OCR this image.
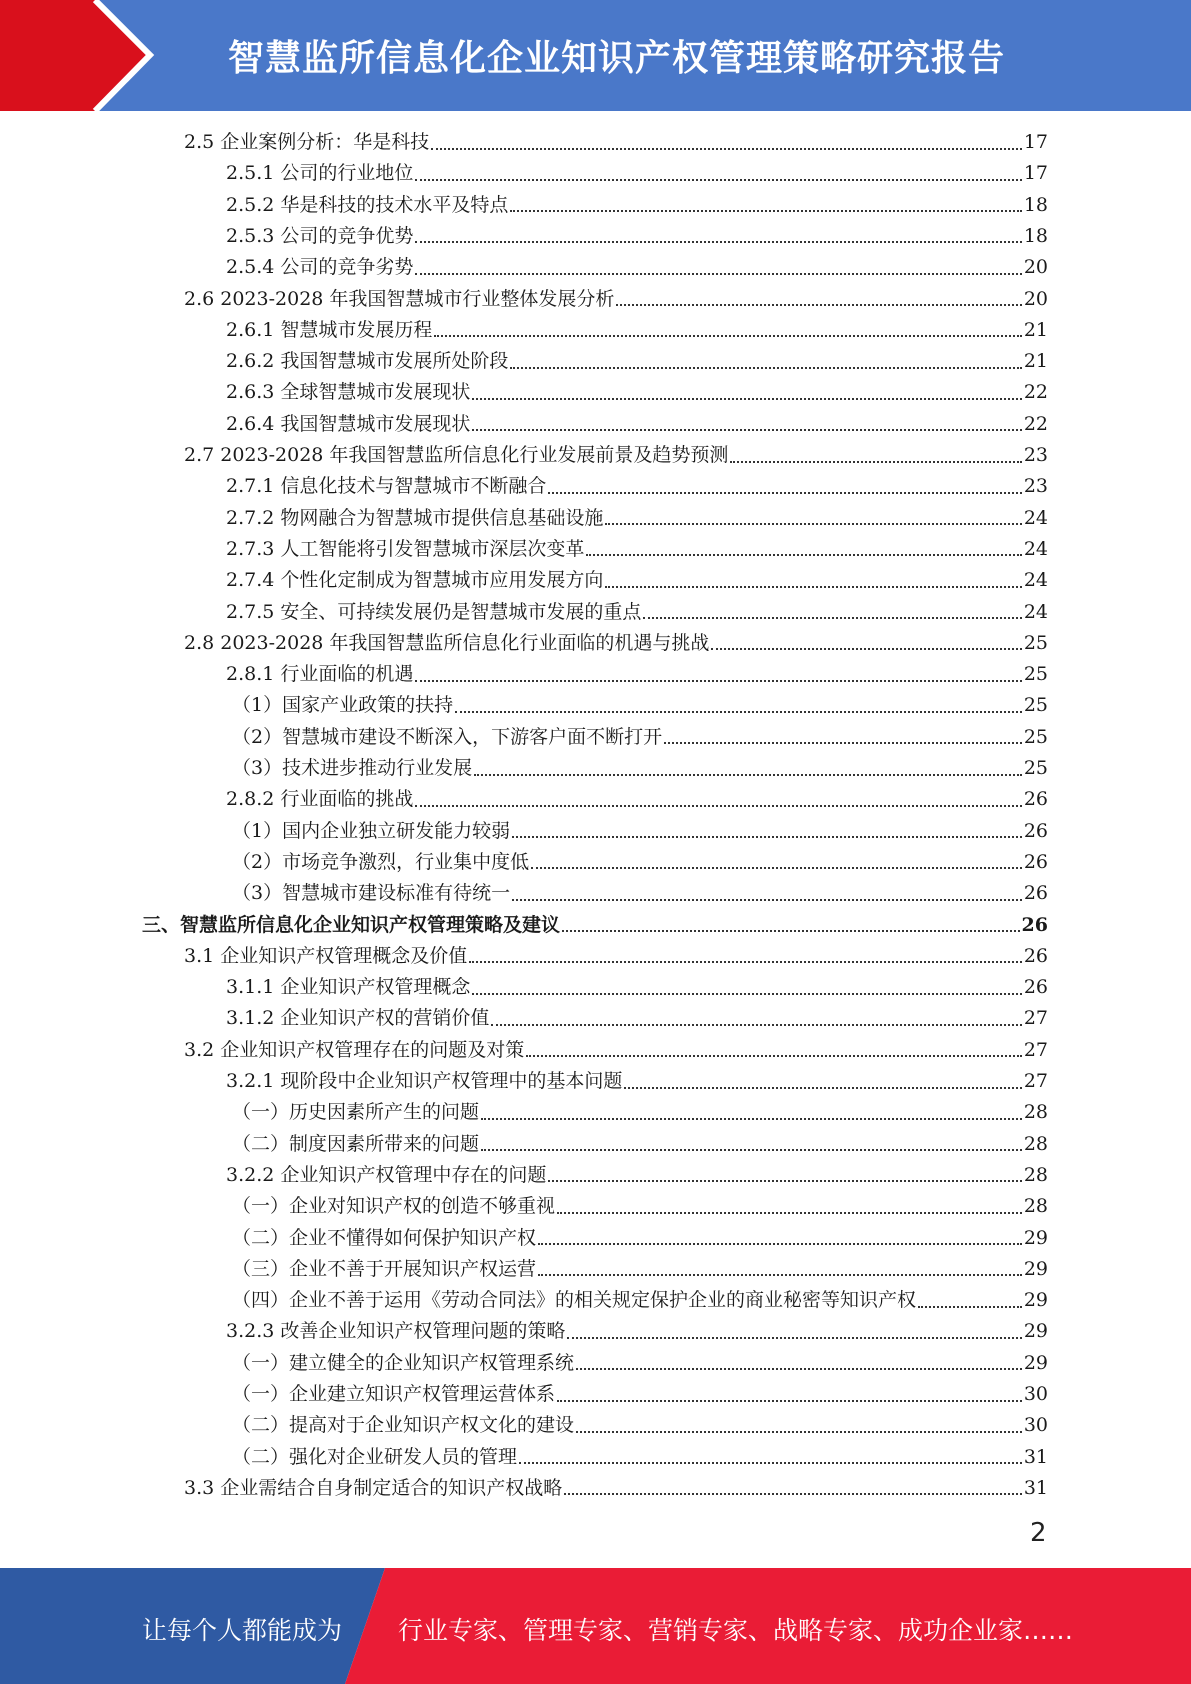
智慧监所信息化企业知识产权管理策略研究报告
2.5 企业案例分析：华是科技	17
2.5.1 公司的行业地位	17
2.5.2 华是科技的技术水平及特点	18
2.5.3 公司的竞争优势	18
2.5.4 公司的竞争劣势	20
2.6 2023-2028 年我国智慧城市行业整体发展分析	20
2.6.1 智慧城市发展历程	21
2.6.2 我国智慧城市发展所处阶段	21
2.6.3 全球智慧城市发展现状	22
2.6.4 我国智慧城市发展现状	22
2.7 2023-2028 年我国智慧监所信息化行业发展前景及趋势预测	23
2.7.1 信息化技术与智慧城市不断融合	23
2.7.2 物网融合为智慧城市提供信息基础设施	24
2.7.3 人工智能将引发智慧城市深层次变革	24
2.7.4 个性化定制成为智慧城市应用发展方向	24
2.7.5 安全、可持续发展仍是智慧城市发展的重点	24
2.8 2023-2028 年我国智慧监所信息化行业面临的机遇与挑战	25
2.8.1 行业面临的机遇	25
（1）国家产业政策的扶持	25
（2）智慧城市建设不断深入，下游客户面不断打开	25
（3）技术进步推动行业发展	25
2.8.2 行业面临的挑战	26
（1）国内企业独立研发能力较弱	26
（2）市场竞争激烈，行业集中度低	26
（3）智慧城市建设标准有待统一	26
三、智慧监所信息化企业知识产权管理策略及建议	26
3.1 企业知识产权管理概念及价值	26
3.1.1 企业知识产权管理概念	26
3.1.2 企业知识产权的营销价值	27
3.2 企业知识产权管理存在的问题及对策	27
3.2.1 现阶段中企业知识产权管理中的基本问题	27
（一）历史因素所产生的问题	28
（二）制度因素所带来的问题	28
3.2.2 企业知识产权管理中存在的问题	28
（一）企业对知识产权的创造不够重视	28
（二）企业不懂得如何保护知识产权	29
（三）企业不善于开展知识产权运营	29
（四）企业不善于运用《劳动合同法》的相关规定保护企业的商业秘密等知识产权	29
3.2.3 改善企业知识产权管理问题的策略	29
（一）建立健全的企业知识产权管理系统	29
（一）企业建立知识产权管理运营体系	30
（二）提高对于企业知识产权文化的建设	30
（二）强化对企业研发人员的管理	31
3.3 企业需结合自身制定适合的知识产权战略	31
2
让每个人都能成为 行业专家、管理专家、营销专家、战略专家、成功企业家……
